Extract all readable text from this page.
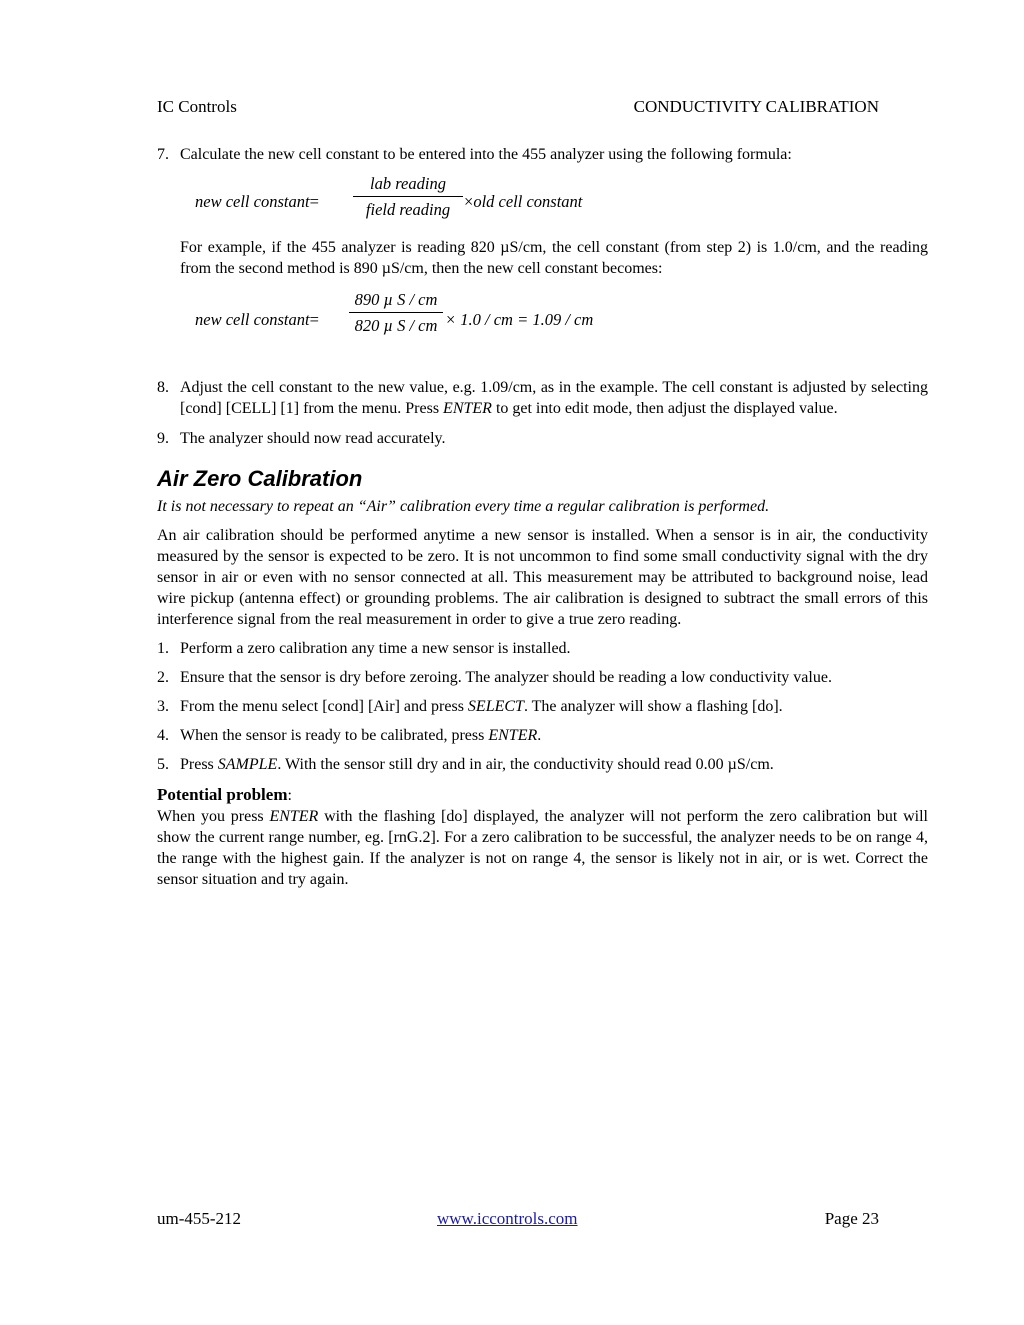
IC Controls	CONDUCTIVITY CALIBRATION
7. Calculate the new cell constant to be entered into the 455 analyzer using the following formula:
new cell constant=
lab reading
field reading ×old cell constant
For example, if the 455 analyzer is reading 820 µS/cm, the cell constant (from step 2) is 1.0/cm, and the reading from the second method is 890 µS/cm, then the new cell constant becomes:
new cell constant=
890 µ S / cm
820 µ S / cm × 1.0 / cm = 1.09 / cm
8. Adjust the cell constant to the new value, e.g. 1.09/cm, as in the example. The cell constant is adjusted by selecting [cond] [CELL] [1] from the menu. Press ENTER to get into edit mode, then adjust the displayed value.
9. The analyzer should now read accurately.
Air Zero Calibration
It is not necessary to repeat an “Air” calibration every time a regular calibration is performed.
An air calibration should be performed anytime a new sensor is installed. When a sensor is in air, the conductivity measured by the sensor is expected to be zero. It is not uncommon to find some small conductivity signal with the dry sensor in air or even with no sensor connected at all. This measurement may be attributed to background noise, lead wire pickup (antenna effect) or grounding problems. The air calibration is designed to subtract the small errors of this interference signal from the real measurement in order to give a true zero reading.
1. Perform a zero calibration any time a new sensor is installed.
2. Ensure that the sensor is dry before zeroing. The analyzer should be reading a low conductivity value.
3. From the menu select [cond] [Air] and press SELECT. The analyzer will show a flashing [do].
4. When the sensor is ready to be calibrated, press ENTER.
5. Press SAMPLE. With the sensor still dry and in air, the conductivity should read 0.00 µS/cm.
Potential problem:
When you press ENTER with the flashing [do] displayed, the analyzer will not perform the zero calibration but will show the current range number, eg. [rnG.2]. For a zero calibration to be successful, the analyzer needs to be on range 4, the range with the highest gain. If the analyzer is not on range 4, the sensor is likely not in air, or is wet. Correct the sensor situation and try again.
um-455-212	www.iccontrols.com	Page 23
